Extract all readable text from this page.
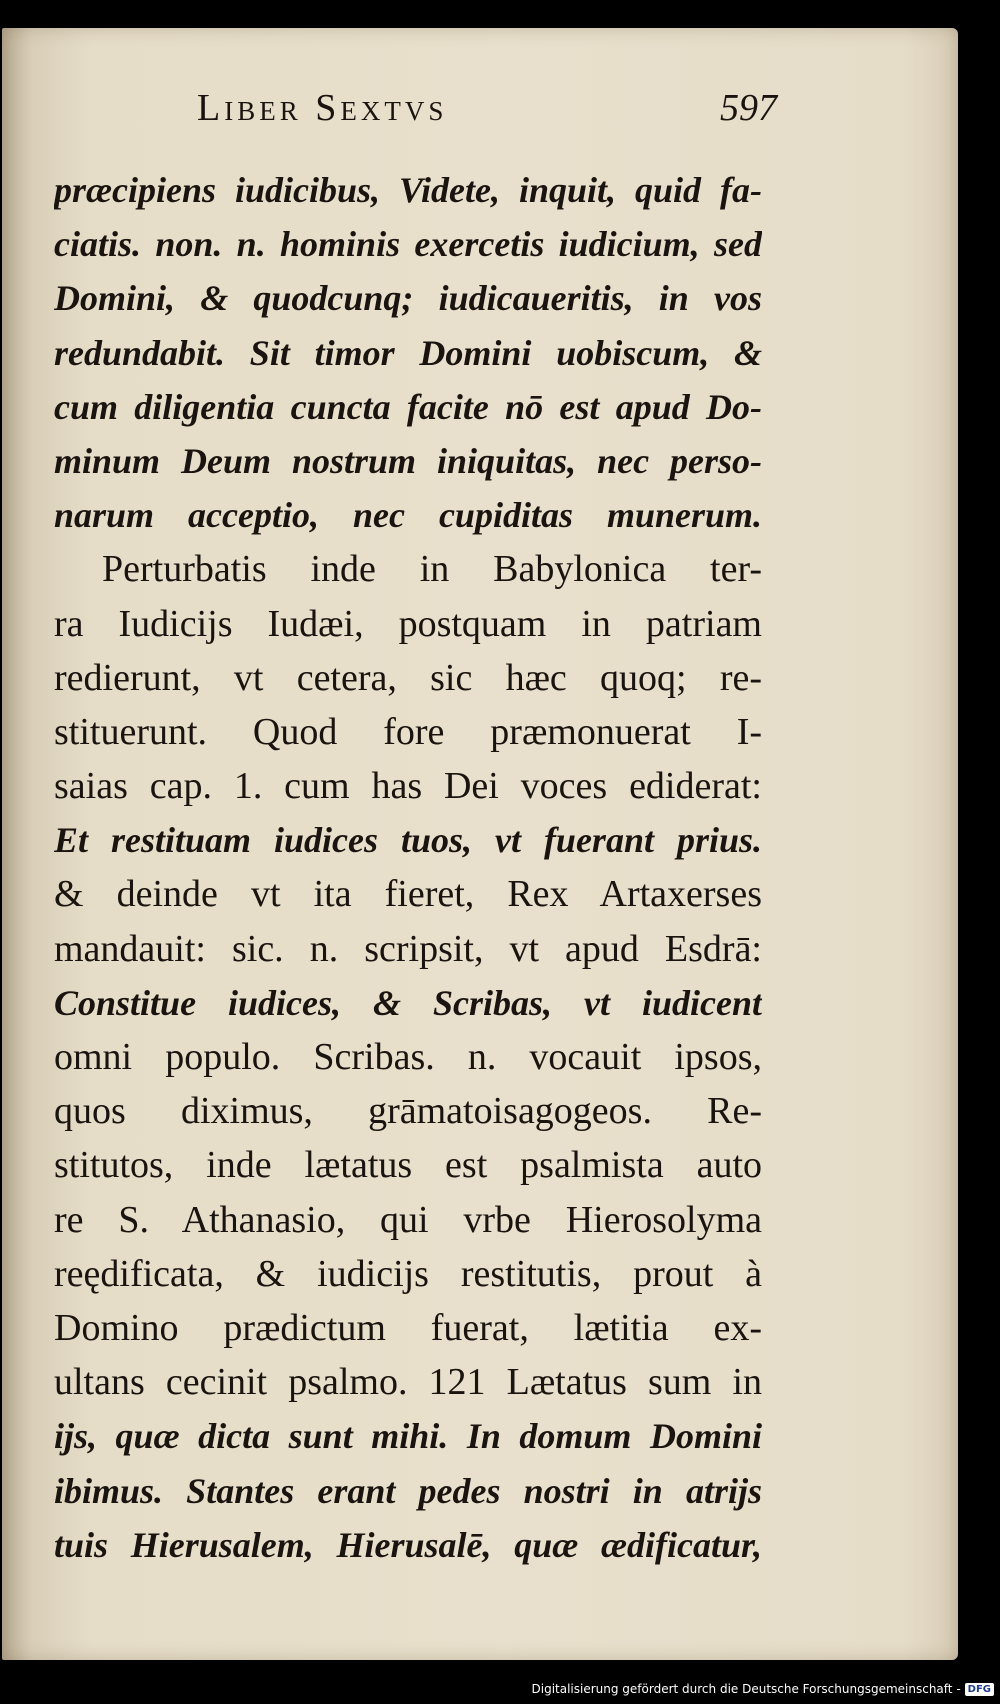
Liber Sextvs	597
præcipiens iudicibus, Videte, inquit, quid fa-
ciatis. non. n. hominis exercetis iudicium, sed
Domini, & quodcunq; iudicaueritis, in vos
redundabit. Sit timor Domini uobiscum, &
cum diligentia cuncta facite nō est apud Do-
minum Deum nostrum iniquitas, nec perso-
narum acceptio, nec cupiditas munerum.
Perturbatis inde in Babylonica ter-
ra Iudicijs Iudæi, postquam in patriam
redierunt, vt cetera, sic hæc quoq; re-
stituerunt. Quod fore præmonuerat I-
saias cap. 1. cum has Dei voces ediderat:
Et restituam iudices tuos, vt fuerant prius.
& deinde vt ita fieret, Rex Artaxerses
mandauit: sic. n. scripsit, vt apud Esdrā:
Constitue iudices, & Scribas, vt iudicent
omni populo. Scribas. n. vocauit ipsos,
quos diximus, grāmatoisagogeos. Re-
stitutos, inde lætatus est psalmista auto
re S. Athanasio, qui vrbe Hierosolyma
reędificata, & iudicijs restitutis, prout à
Domino prædictum fuerat, lætitia ex-
ultans cecinit psalmo. 121 Lætatus sum in
ijs, quæ dicta sunt mihi. In domum Domini
ibimus. Stantes erant pedes nostri in atrijs
tuis Hierusalem, Hierusalē, quæ ædificatur,
Digitalisierung gefördert durch die Deutsche Forschungsgemeinschaft - DFG
